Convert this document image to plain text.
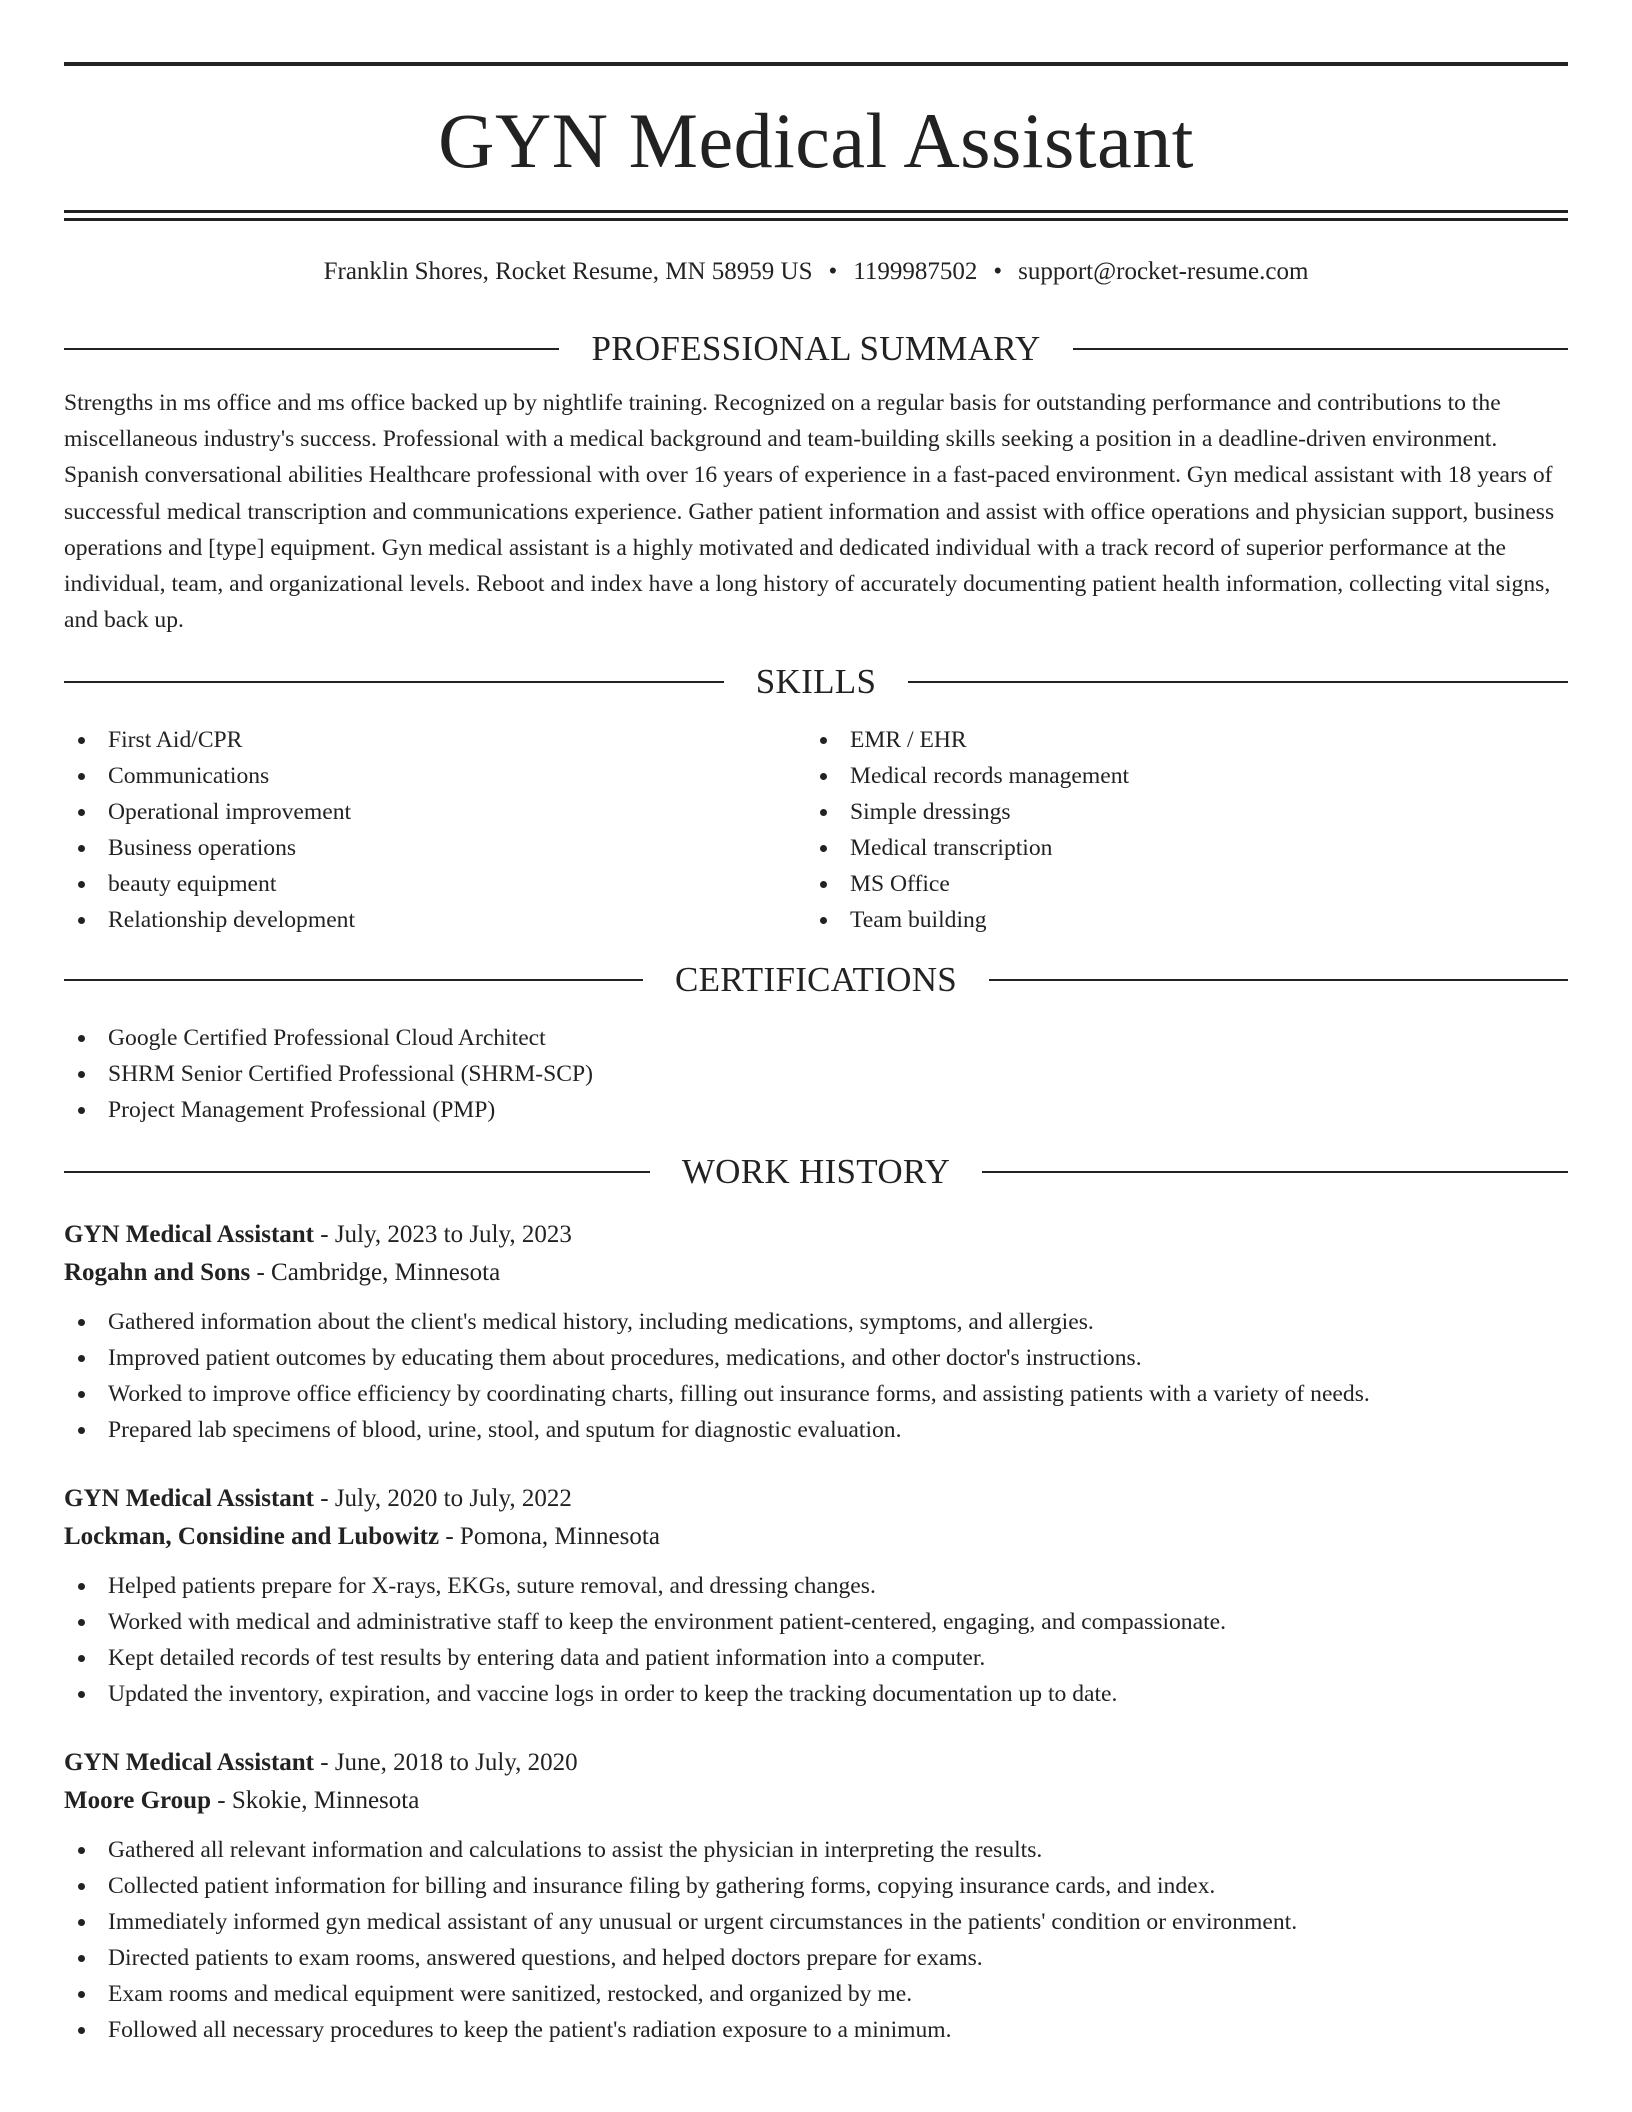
GYN Medical Assistant
Franklin Shores, Rocket Resume, MN 58959 US • 1199987502 • support@rocket-resume.com
PROFESSIONAL SUMMARY

Strengths in ms office and ms office backed up by nightlife training. Recognized on a regular basis for outstanding performance and contributions to the miscellaneous industry's success. Professional with a medical background and team-building skills seeking a position in a deadline-driven environment. Spanish conversational abilities Healthcare professional with over 16 years of experience in a fast-paced environment. Gyn medical assistant with 18 years of successful medical transcription and communications experience. Gather patient information and assist with office operations and physician support, business operations and [type] equipment. Gyn medical assistant is a highly motivated and dedicated individual with a track record of superior performance at the individual, team, and organizational levels. Reboot and index have a long history of accurately documenting patient health information, collecting vital signs, and back up.

SKILLS
First Aid/CPR
Communications
Operational improvement
Business operations
beauty equipment
Relationship development
EMR / EHR
Medical records management
Simple dressings
Medical transcription
MS Office
Team building
CERTIFICATIONS
Google Certified Professional Cloud Architect
SHRM Senior Certified Professional (SHRM-SCP)
Project Management Professional (PMP)
WORK HISTORY
GYN Medical Assistant - July, 2023 to July, 2023
Rogahn and Sons - Cambridge, Minnesota
Gathered information about the client's medical history, including medications, symptoms, and allergies.
Improved patient outcomes by educating them about procedures, medications, and other doctor's instructions.
Worked to improve office efficiency by coordinating charts, filling out insurance forms, and assisting patients with a variety of needs.
Prepared lab specimens of blood, urine, stool, and sputum for diagnostic evaluation.
GYN Medical Assistant - July, 2020 to July, 2022
Lockman, Considine and Lubowitz - Pomona, Minnesota
Helped patients prepare for X-rays, EKGs, suture removal, and dressing changes.
Worked with medical and administrative staff to keep the environment patient-centered, engaging, and compassionate.
Kept detailed records of test results by entering data and patient information into a computer.
Updated the inventory, expiration, and vaccine logs in order to keep the tracking documentation up to date.
GYN Medical Assistant - June, 2018 to July, 2020
Moore Group - Skokie, Minnesota
Gathered all relevant information and calculations to assist the physician in interpreting the results.
Collected patient information for billing and insurance filing by gathering forms, copying insurance cards, and index.
Immediately informed gyn medical assistant of any unusual or urgent circumstances in the patients' condition or environment.
Directed patients to exam rooms, answered questions, and helped doctors prepare for exams.
Exam rooms and medical equipment were sanitized, restocked, and organized by me.
Followed all necessary procedures to keep the patient's radiation exposure to a minimum.
